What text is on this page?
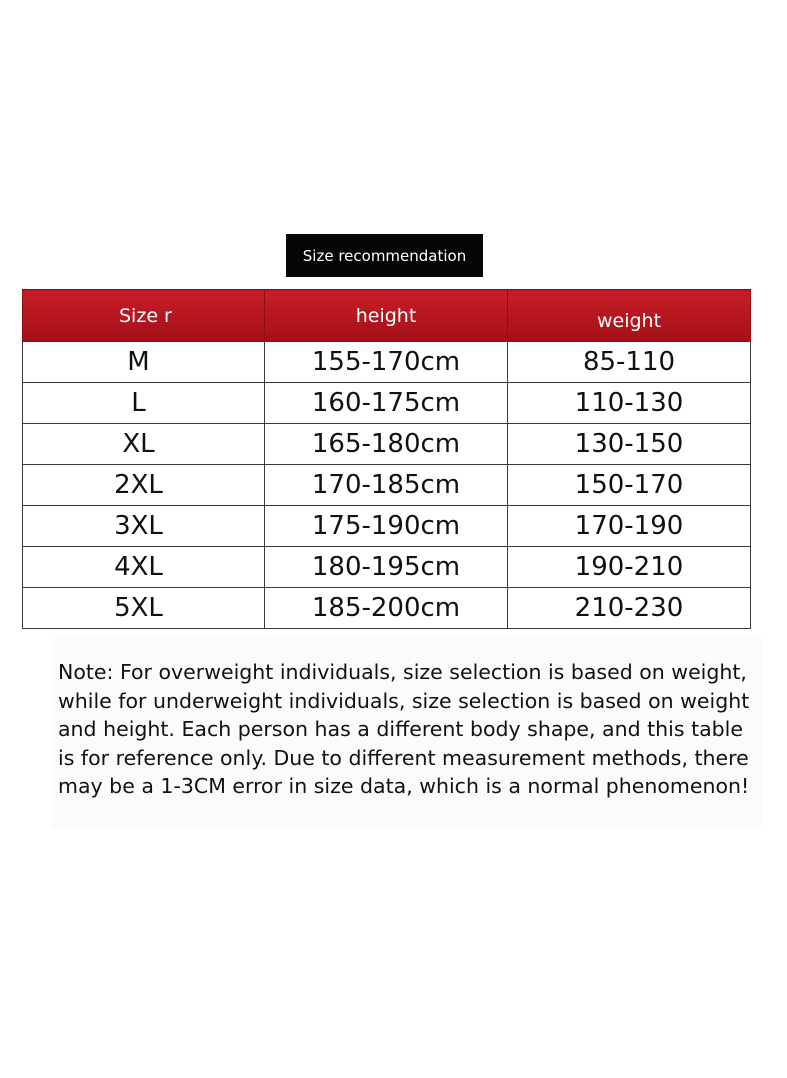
Size recommendation
Size r	height	weight
M	155-170cm	85-110
L	160-175cm	110-130
XL	165-180cm	130-150
2XL	170-185cm	150-170
3XL	175-190cm	170-190
4XL	180-195cm	190-210
5XL	185-200cm	210-230
Note: For overweight individuals, size selection is based on weight, while for underweight individuals, size selection is based on weight and height. Each person has a different body shape, and this table is for reference only. Due to different measurement methods, there may be a 1-3CM error in size data, which is a normal phenomenon!
